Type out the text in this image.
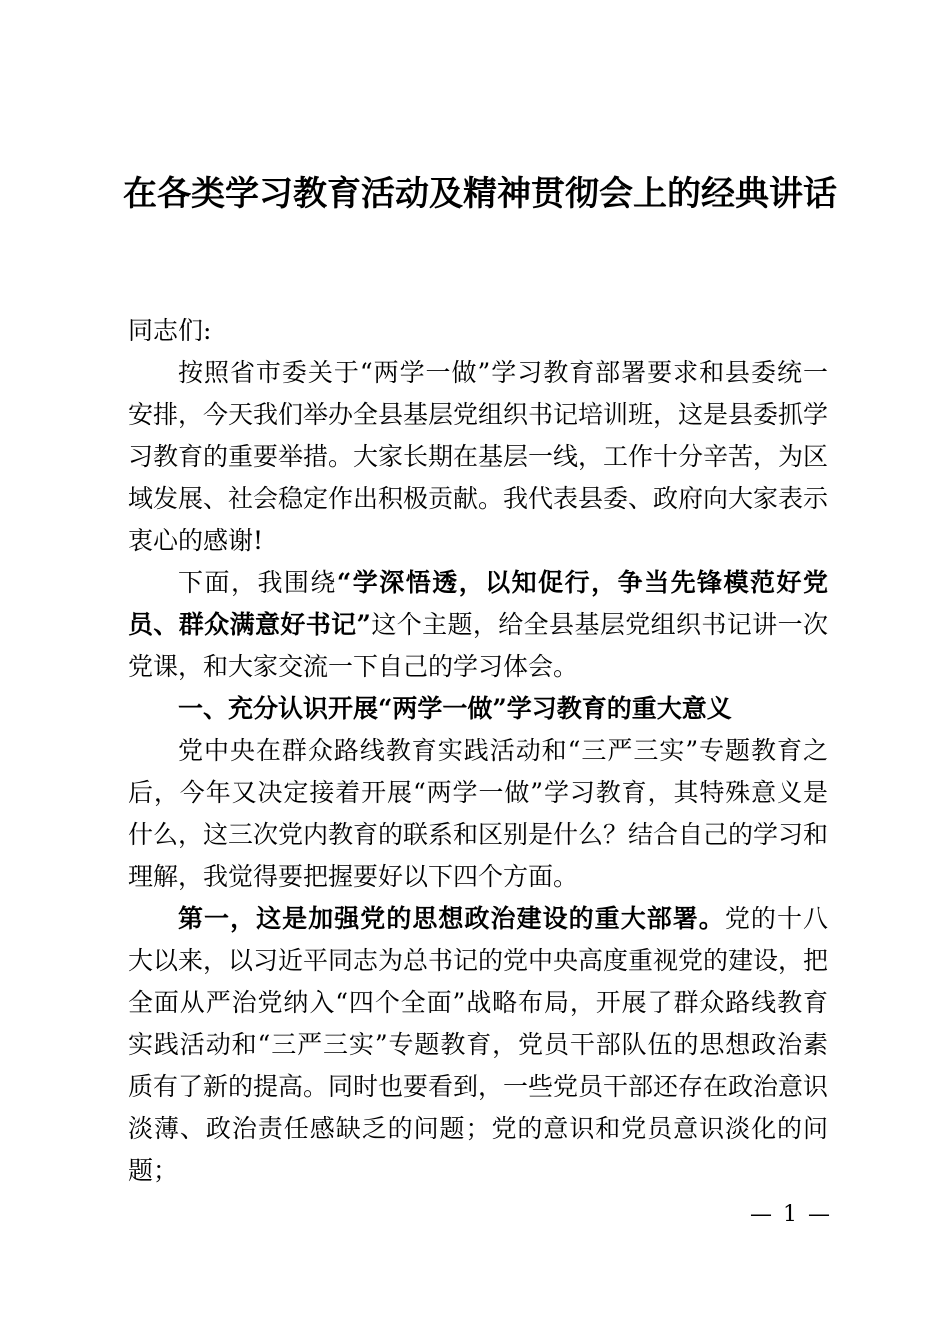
在各类学习教育活动及精神贯彻会上的经典讲话

同志们:

按照省市委关于“两学一做”学习教育部署要求和县委统一安排，今天我们举办全县基层党组织书记培训班，这是县委抓学习教育的重要举措。大家长期在基层一线，工作十分辛苦，为区域发展、社会稳定作出积极贡献。我代表县委、政府向大家表示衷心的感谢!

下面，我围绕“学深悟透，以知促行，争当先锋模范好党员、群众满意好书记”这个主题，给全县基层党组织书记讲一次党课，和大家交流一下自己的学习体会。

一、充分认识开展“两学一做”学习教育的重大意义

党中央在群众路线教育实践活动和“三严三实”专题教育之后，今年又决定接着开展“两学一做”学习教育，其特殊意义是什么，这三次党内教育的联系和区别是什么？结合自己的学习和理解，我觉得要把握要好以下四个方面。

第一，这是加强党的思想政治建设的重大部署。党的十八大以来，以习近平同志为总书记的党中央高度重视党的建设，把全面从严治党纳入“四个全面”战略布局，开展了群众路线教育实践活动和“三严三实”专题教育，党员干部队伍的思想政治素质有了新的提高。同时也要看到，一些党员干部还存在政治意识淡薄、政治责任感缺乏的问题；党的意识和党员意识淡化的问题；

— 1 —
